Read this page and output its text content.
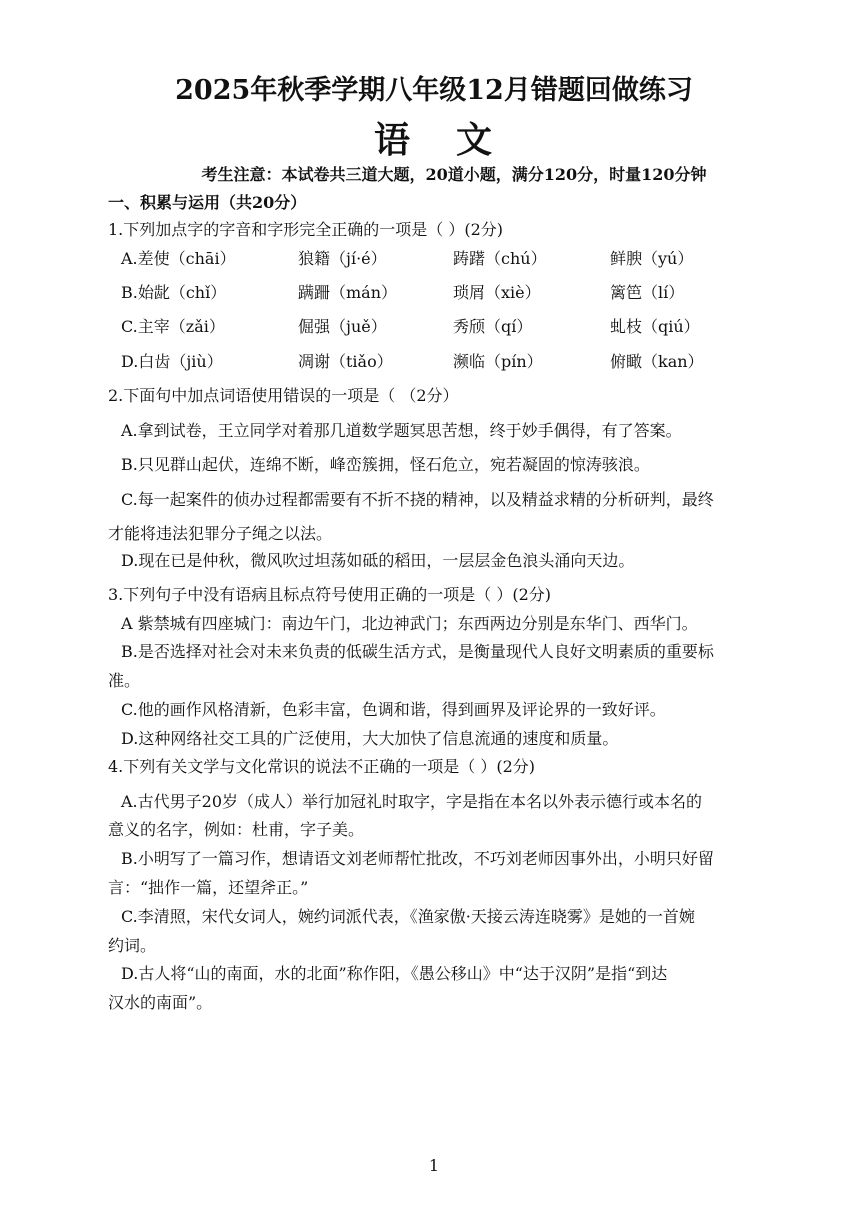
2025年秋季学期八年级12月错题回做练习
语 文
考生注意：本试卷共三道大题，20道小题，满分120分，时量120分钟
一、积累与运用（共20分）
1.下列加点字的字音和字形完全正确的一项是（ ）(2分)
A.差使（chāi）	狼籍（jí·é）	踌躇（chú）	鲜腴（yú）
B.始龀（chǐ）	蹒跚（mán）	琐屑（xiè）	篱笆（lí）
C.主宰（zǎi）	倔强（juě）	秀颀（qí）	虬枝（qiú）
D.白齿（jiù）	凋谢（tiǎo）	濒临（pín）	俯瞰（kan）
2.下面句中加点词语使用错误的一项是（ （2分）
A.拿到试卷，王立同学对着那几道数学题冥思苦想，终于妙手偶得，有了答案。
B.只见群山起伏，连绵不断，峰峦簇拥，怪石危立，宛若凝固的惊涛骇浪。
C.每一起案件的侦办过程都需要有不折不挠的精神，以及精益求精的分析研判，最终
才能将违法犯罪分子绳之以法。
D.现在已是仲秋，微风吹过坦荡如砥的稻田，一层层金色浪头涌向天边。
3.下列句子中没有语病且标点符号使用正确的一项是（ ）(2分)
A 紫禁城有四座城门：南边午门，北边神武门；东西两边分别是东华门、西华门。
B.是否选择对社会对未来负责的低碳生活方式，是衡量现代人良好文明素质的重要标
准。
C.他的画作风格清新，色彩丰富，色调和谐，得到画界及评论界的一致好评。
D.这种网络社交工具的广泛使用，大大加快了信息流通的速度和质量。
4.下列有关文学与文化常识的说法不正确的一项是（ ）(2分)
A.古代男子20岁（成人）举行加冠礼时取字，字是指在本名以外表示德行或本名的
意义的名字，例如：杜甫，字子美。
B.小明写了一篇习作，想请语文刘老师帮忙批改，不巧刘老师因事外出，小明只好留
言：“拙作一篇，还望斧正。”
C.李清照，宋代女词人，婉约词派代表，《渔家傲·天接云涛连晓雾》是她的一首婉
约词。
D.古人将“山的南面，水的北面”称作阳，《愚公移山》中“达于汉阴”是指“到达
汉水的南面”。
1
